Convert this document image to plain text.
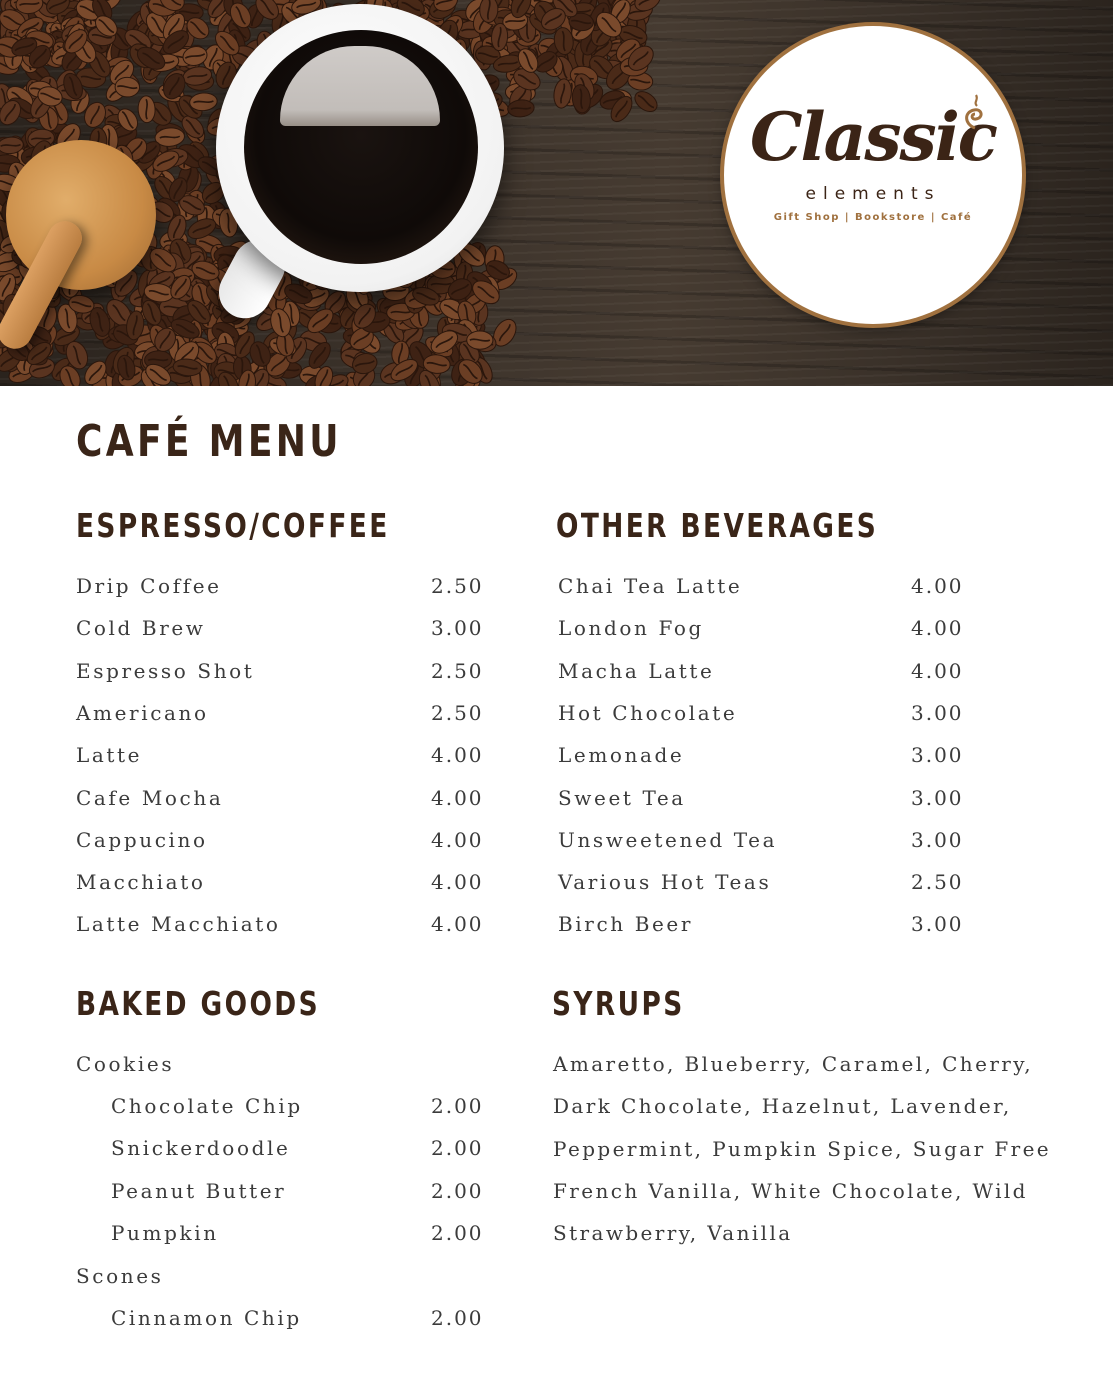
Classic
elements
Gift Shop | Bookstore | Café
CAFÉ MENU
ESPRESSO/COFFEE	OTHER BEVERAGES
Drip Coffee	2.50
Cold Brew	3.00
Espresso Shot	2.50
Americano	2.50
Latte	4.00
Cafe Mocha	4.00
Cappucino	4.00
Macchiato	4.00
Latte Macchiato	4.00
Chai Tea Latte	4.00
London Fog	4.00
Macha Latte	4.00
Hot Chocolate	3.00
Lemonade	3.00
Sweet Tea	3.00
Unsweetened Tea	3.00
Various Hot Teas	2.50
Birch Beer	3.00
BAKED GOODS	SYRUPS
Cookies
Chocolate Chip	2.00
Snickerdoodle	2.00
Peanut Butter	2.00
Pumpkin	2.00
Scones
Cinnamon Chip	2.00
Amaretto, Blueberry, Caramel, Cherry,
Dark Chocolate, Hazelnut, Lavender,
Peppermint, Pumpkin Spice, Sugar Free
French Vanilla, White Chocolate, Wild
Strawberry, Vanilla
